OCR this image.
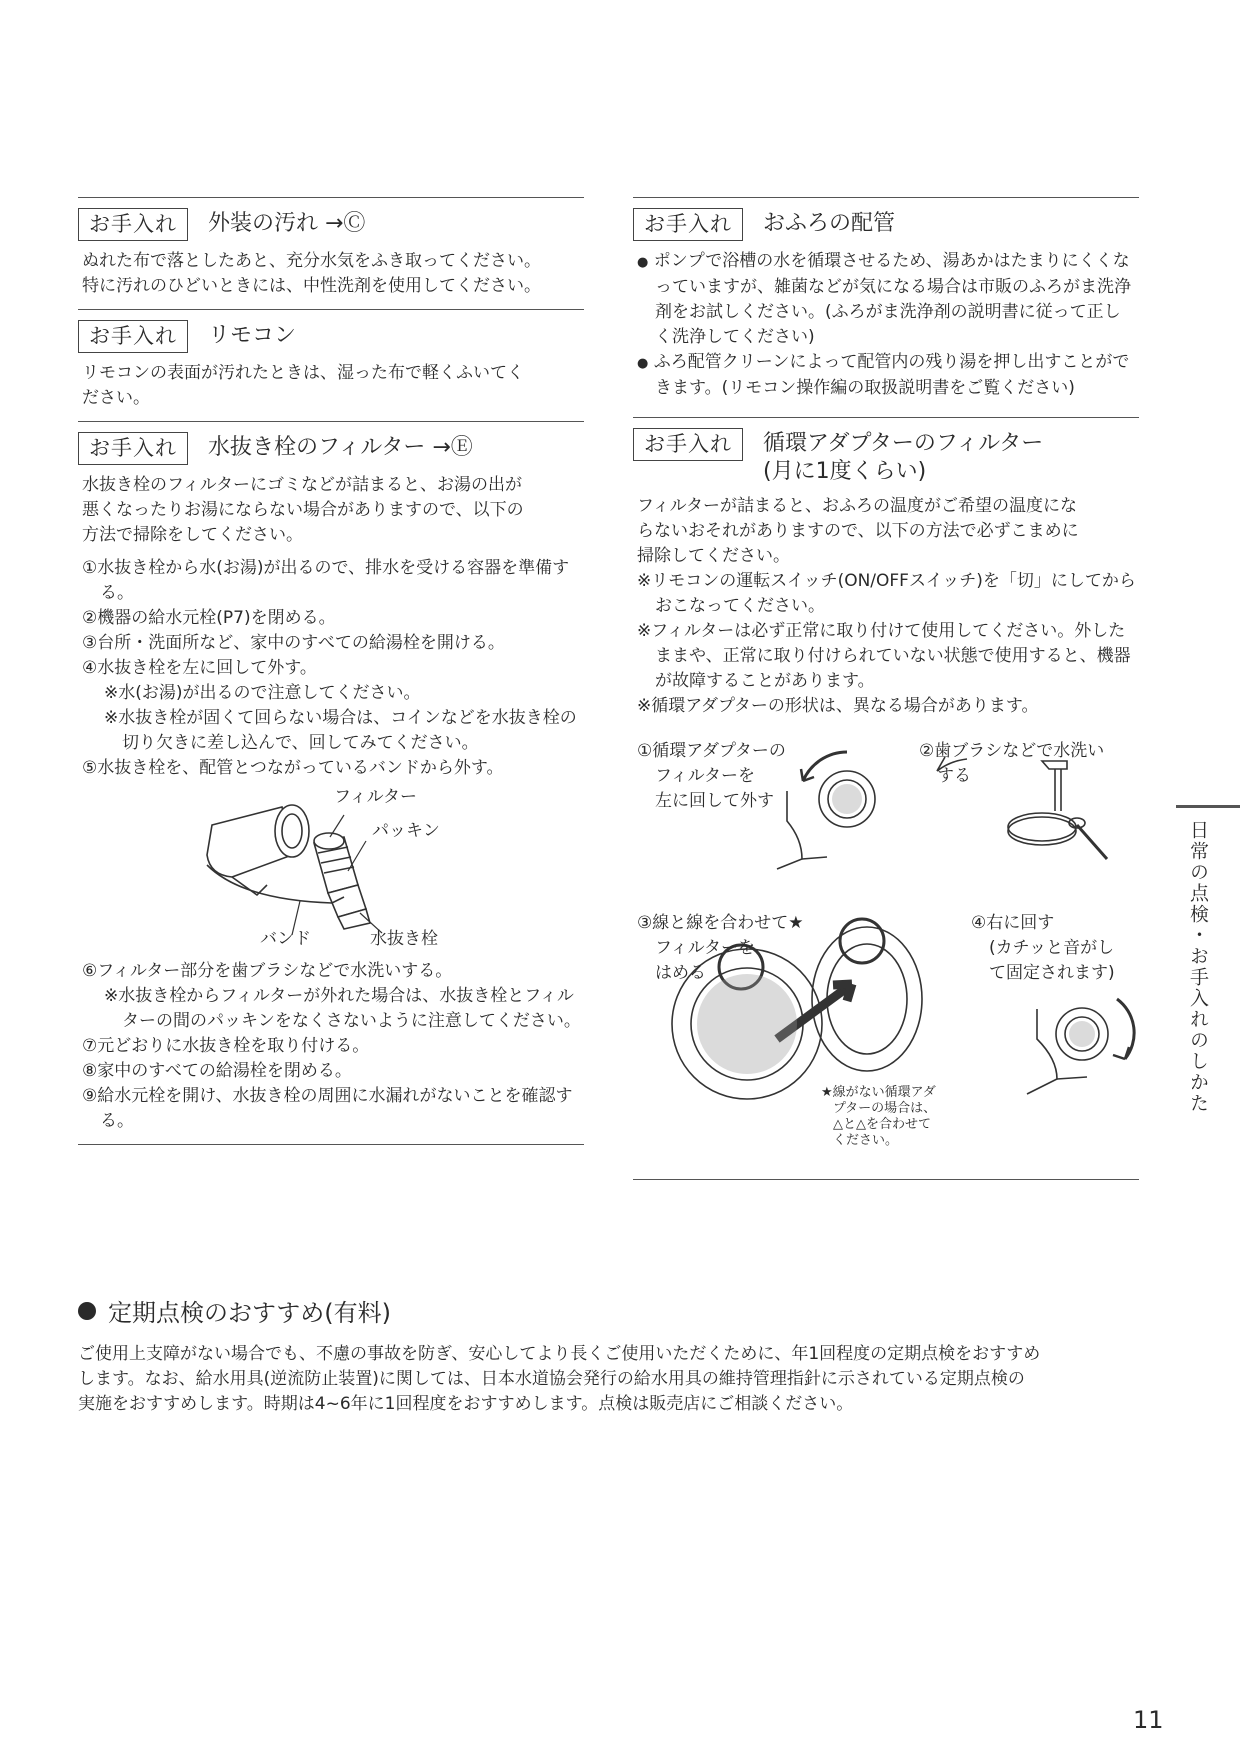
お手入れ	外装の汚れ →Ⓒ

ぬれた布で落としたあと、充分水気をふき取ってください。

特に汚れのひどいときには、中性洗剤を使用してください。

お手入れ	リモコン

リモコンの表面が汚れたときは、湿った布で軽くふいてく

ださい。

お手入れ	水抜き栓のフィルター →Ⓔ

水抜き栓のフィルターにゴミなどが詰まると、お湯の出が

悪くなったりお湯にならない場合がありますので、以下の

方法で掃除をしてください。

①水抜き栓から水(お湯)が出るので、排水を受ける容器を準備する。

②機器の給水元栓(P7)を閉める。

③台所・洗面所など、家中のすべての給湯栓を開ける。

④水抜き栓を左に回して外す。

※水(お湯)が出るので注意してください。

※水抜き栓が固くて回らない場合は、コインなどを水抜き栓の切り欠きに差し込んで、回してみてください。

⑤水抜き栓を、配管とつながっているバンドから外す。

フィルター
パッキン
バンド	水抜き栓

⑥フィルター部分を歯ブラシなどで水洗いする。

※水抜き栓からフィルターが外れた場合は、水抜き栓とフィルターの間のパッキンをなくさないように注意してください。

⑦元どおりに水抜き栓を取り付ける。

⑧家中のすべての給湯栓を閉める。

⑨給水元栓を開け、水抜き栓の周囲に水漏れがないことを確認する。

お手入れ	おふろの配管

● ポンプで浴槽の水を循環させるため、湯あかはたまりにくくなっていますが、雑菌などが気になる場合は市販のふろがま洗浄剤をお試しください。(ふろがま洗浄剤の説明書に従って正しく洗浄してください)

● ふろ配管クリーンによって配管内の残り湯を押し出すことができます。(リモコン操作編の取扱説明書をご覧ください)

お手入れ	循環アダプターのフィルター
(月に1度くらい)

フィルターが詰まると、おふろの温度がご希望の温度にな

らないおそれがありますので、以下の方法で必ずこまめに

掃除してください。

※リモコンの運転スイッチ(ON/OFFスイッチ)を「切」にしてからおこなってください。

※フィルターは必ず正常に取り付けて使用してください。外したままや、正常に取り付けられていない状態で使用すると、機器が故障することがあります。

※循環アダプターの形状は、異なる場合があります。

①循環アダプターの
フィルターを
左に回して外す
②歯ブラシなどで水洗い
する
③線と線を合わせて★
フィルターを
はめる
④右に回す
(カチッと音がし
て固定されます)
★線がない循環アダ
プターの場合は、
△と△を合わせて
ください。
日常の点検・お手入れのしかた
定期点検のおすすめ(有料)

ご使用上支障がない場合でも、不慮の事故を防ぎ、安心してより長くご使用いただくために、年1回程度の定期点検をおすすめ

します。なお、給水用具(逆流防止装置)に関しては、日本水道協会発行の給水用具の維持管理指針に示されている定期点検の

実施をおすすめします。時期は4~6年に1回程度をおすすめします。点検は販売店にご相談ください。

11
